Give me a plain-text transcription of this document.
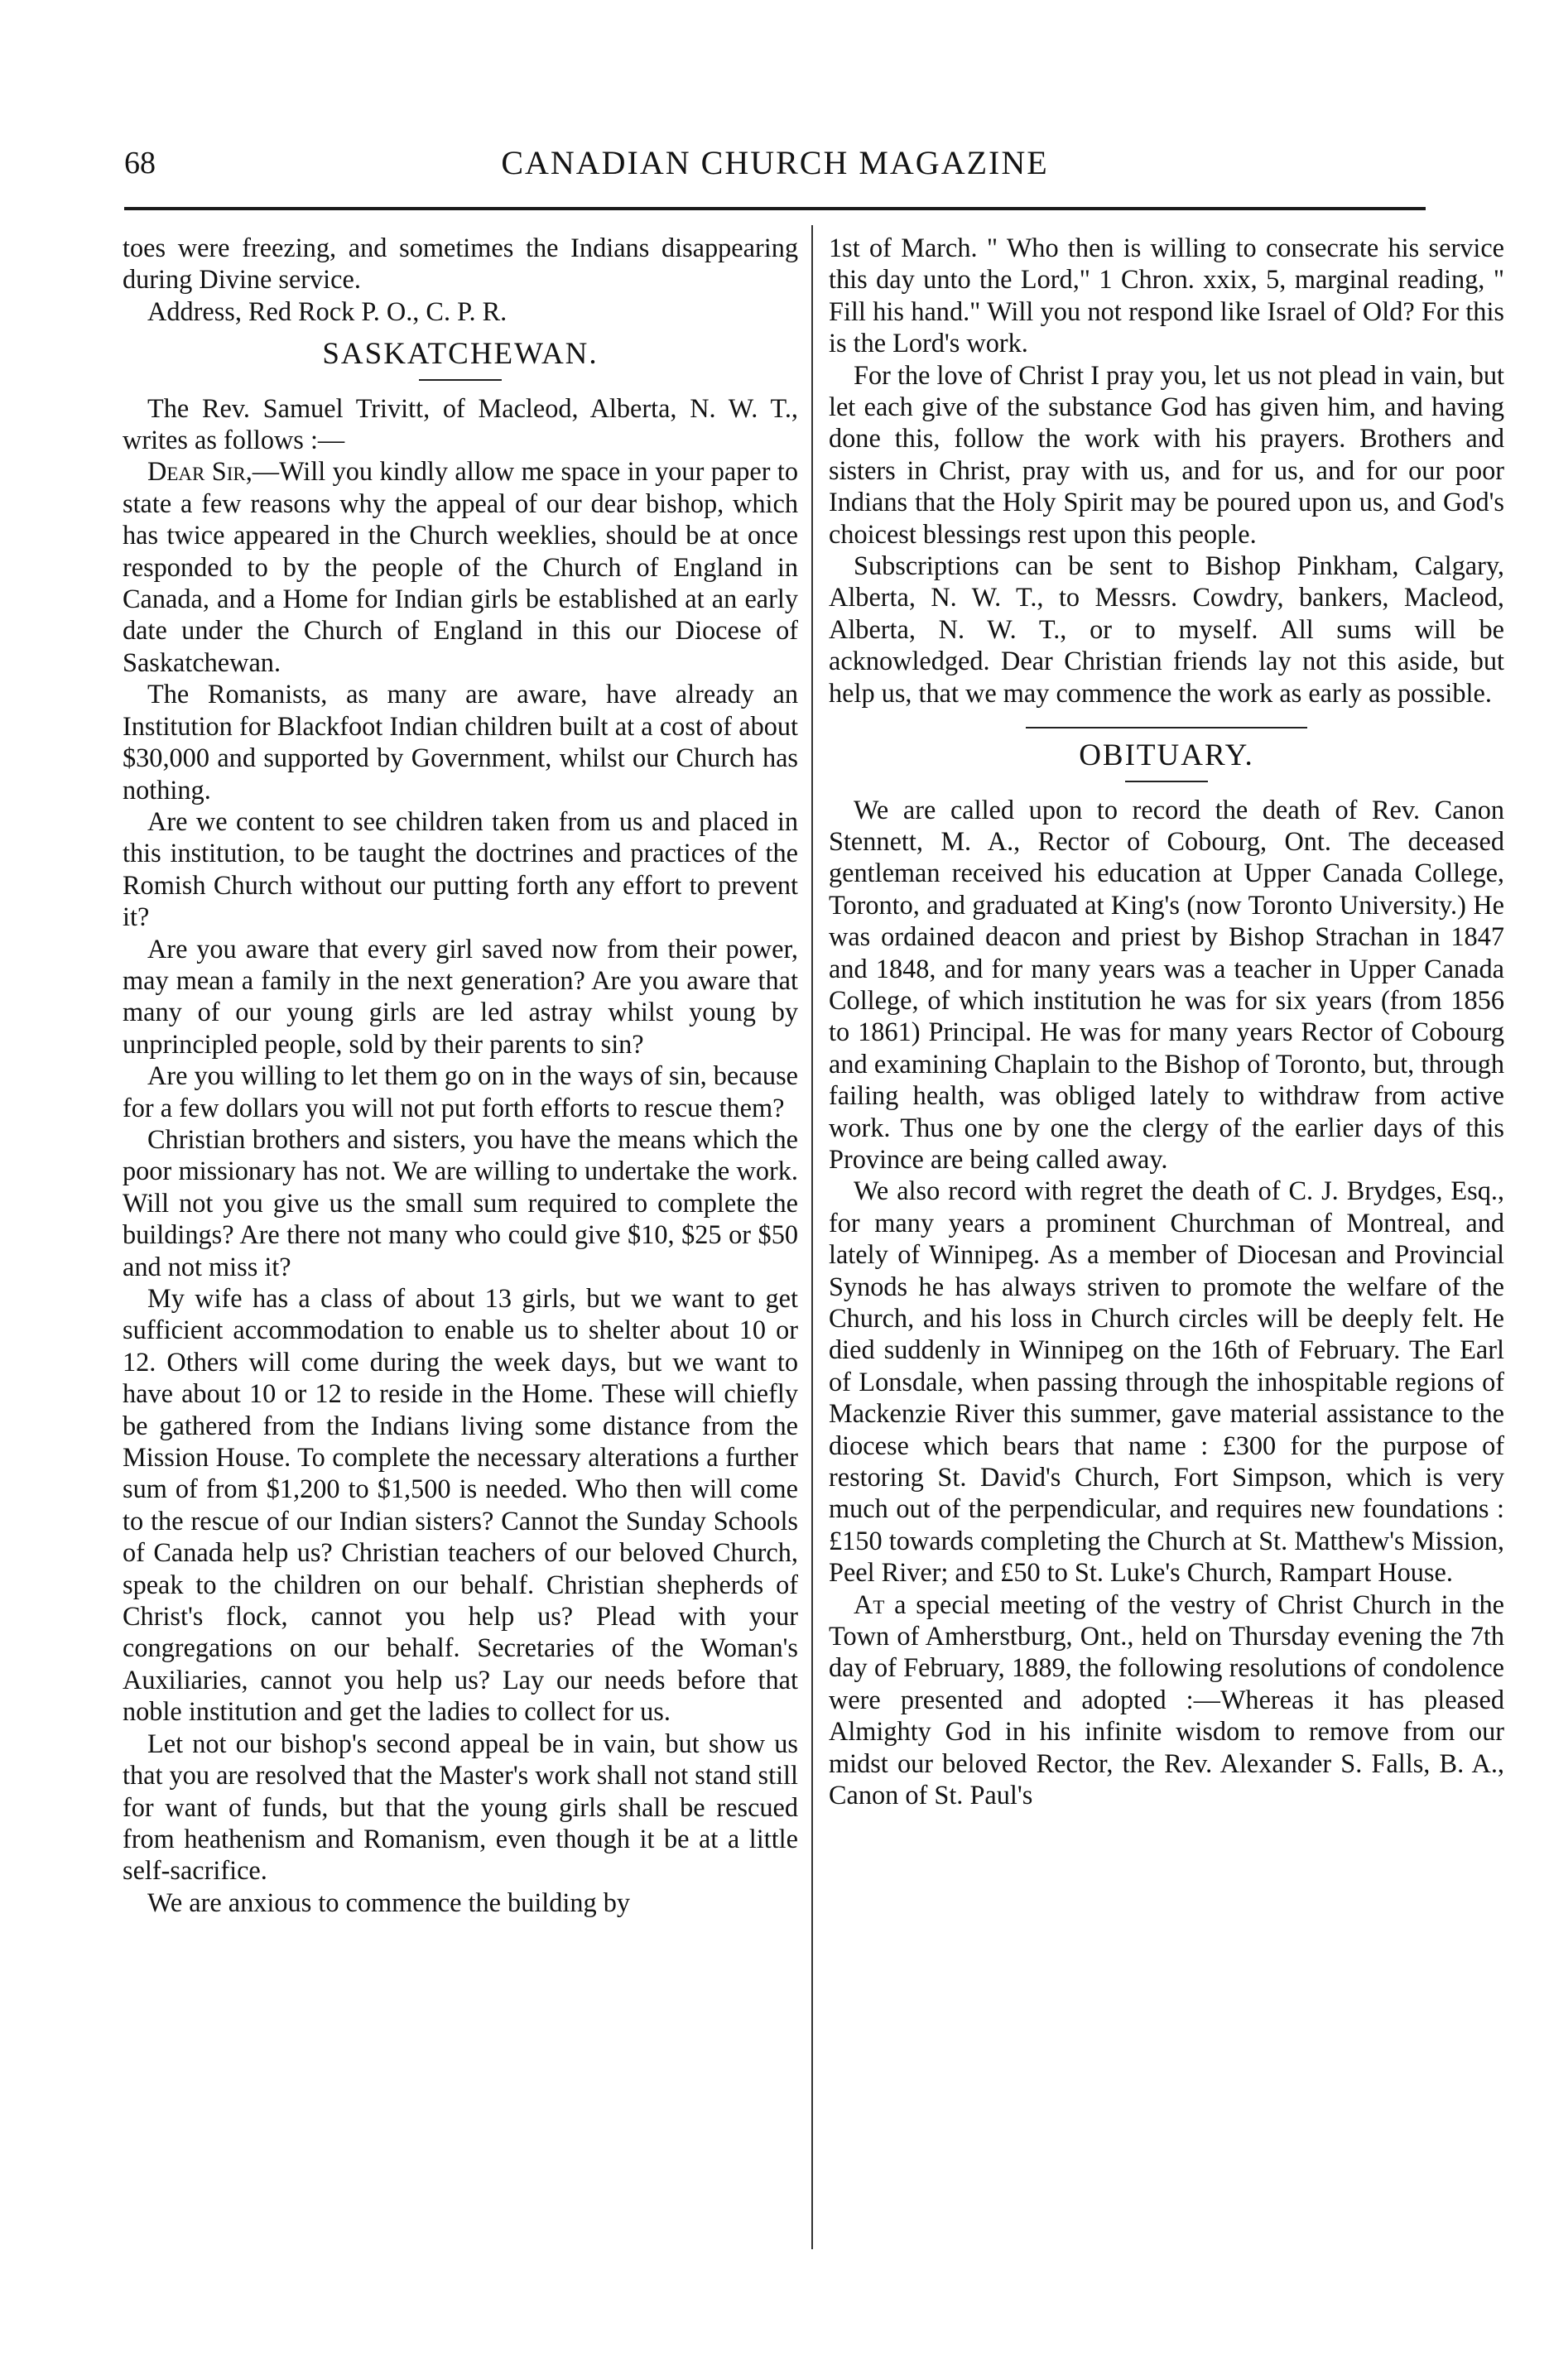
68	CANADIAN CHURCH MAGAZINE

toes were freezing, and sometimes the Indians disappearing during Divine service.

Address, Red Rock P. O., C. P. R.

SASKATCHEWAN.

The Rev. Samuel Trivitt, of Macleod, Alberta, N. W. T., writes as follows :—

Dear Sir,—Will you kindly allow me space in your paper to state a few reasons why the appeal of our dear bishop, which has twice appeared in the Church weeklies, should be at once responded to by the people of the Church of England in Canada, and a Home for Indian girls be established at an early date under the Church of England in this our Diocese of Saskatchewan.

The Romanists, as many are aware, have already an Institution for Blackfoot Indian children built at a cost of about $30,000 and supported by Government, whilst our Church has nothing.

Are we content to see children taken from us and placed in this institution, to be taught the doctrines and practices of the Romish Church without our putting forth any effort to prevent it?

Are you aware that every girl saved now from their power, may mean a family in the next generation? Are you aware that many of our young girls are led astray whilst young by unprincipled people, sold by their parents to sin?

Are you willing to let them go on in the ways of sin, because for a few dollars you will not put forth efforts to rescue them?

Christian brothers and sisters, you have the means which the poor missionary has not. We are willing to undertake the work. Will not you give us the small sum required to complete the buildings? Are there not many who could give $10, $25 or $50 and not miss it?

My wife has a class of about 13 girls, but we want to get sufficient accommodation to enable us to shelter about 10 or 12. Others will come during the week days, but we want to have about 10 or 12 to reside in the Home. These will chiefly be gathered from the Indians living some distance from the Mission House. To complete the necessary alterations a further sum of from $1,200 to $1,500 is needed. Who then will come to the rescue of our Indian sisters? Cannot the Sunday Schools of Canada help us? Christian teachers of our beloved Church, speak to the children on our behalf. Christian shepherds of Christ's flock, cannot you help us? Plead with your congregations on our behalf. Secretaries of the Woman's Auxiliaries, cannot you help us? Lay our needs before that noble institution and get the ladies to collect for us.

Let not our bishop's second appeal be in vain, but show us that you are resolved that the Master's work shall not stand still for want of funds, but that the young girls shall be rescued from heathenism and Romanism, even though it be at a little self-sacrifice.

We are anxious to commence the building by

1st of March. " Who then is willing to consecrate his service this day unto the Lord," 1 Chron. xxix, 5, marginal reading, " Fill his hand." Will you not respond like Israel of Old? For this is the Lord's work.

For the love of Christ I pray you, let us not plead in vain, but let each give of the substance God has given him, and having done this, follow the work with his prayers. Brothers and sisters in Christ, pray with us, and for us, and for our poor Indians that the Holy Spirit may be poured upon us, and God's choicest blessings rest upon this people.

Subscriptions can be sent to Bishop Pinkham, Calgary, Alberta, N. W. T., to Messrs. Cowdry, bankers, Macleod, Alberta, N. W. T., or to myself. All sums will be acknowledged. Dear Christian friends lay not this aside, but help us, that we may commence the work as early as possible.

OBITUARY.

We are called upon to record the death of Rev. Canon Stennett, M. A., Rector of Cobourg, Ont. The deceased gentleman received his education at Upper Canada College, Toronto, and graduated at King's (now Toronto University.) He was ordained deacon and priest by Bishop Strachan in 1847 and 1848, and for many years was a teacher in Upper Canada College, of which institution he was for six years (from 1856 to 1861) Principal. He was for many years Rector of Cobourg and examining Chaplain to the Bishop of Toronto, but, through failing health, was obliged lately to withdraw from active work. Thus one by one the clergy of the earlier days of this Province are being called away.

We also record with regret the death of C. J. Brydges, Esq., for many years a prominent Churchman of Montreal, and lately of Winnipeg. As a member of Diocesan and Provincial Synods he has always striven to promote the welfare of the Church, and his loss in Church circles will be deeply felt. He died suddenly in Winnipeg on the 16th of February. The Earl of Lonsdale, when passing through the inhospitable regions of Mackenzie River this summer, gave material assistance to the diocese which bears that name : £300 for the purpose of restoring St. David's Church, Fort Simpson, which is very much out of the perpendicular, and requires new foundations : £150 towards completing the Church at St. Matthew's Mission, Peel River; and £50 to St. Luke's Church, Rampart House.

At a special meeting of the vestry of Christ Church in the Town of Amherstburg, Ont., held on Thursday evening the 7th day of February, 1889, the following resolutions of condolence were presented and adopted :—Whereas it has pleased Almighty God in his infinite wisdom to remove from our midst our beloved Rector, the Rev. Alexander S. Falls, B. A., Canon of St. Paul's
